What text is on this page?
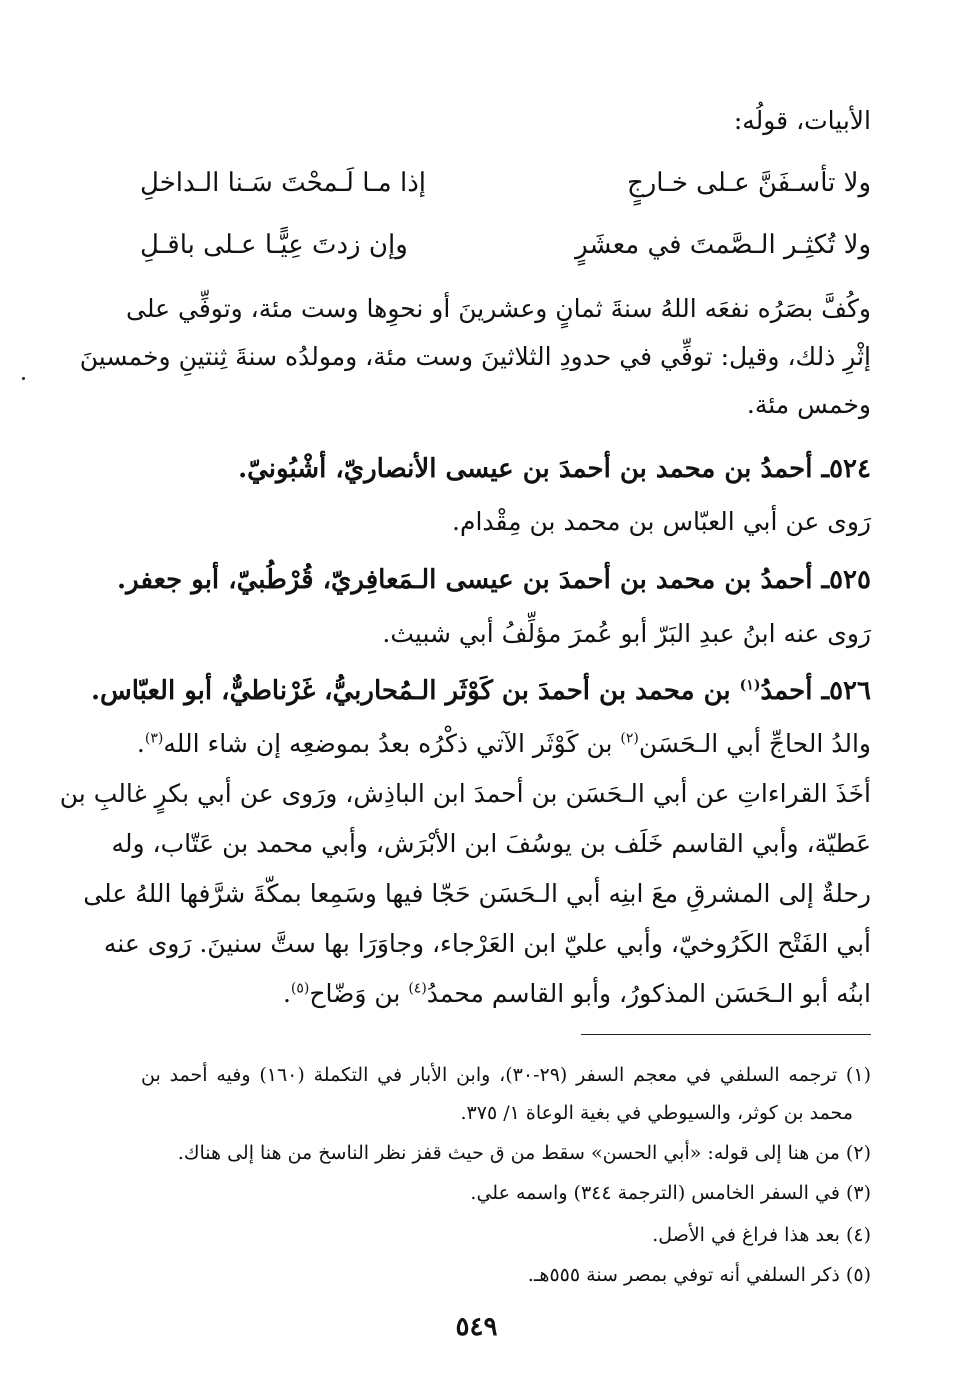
الأبيات، قولُه:
ولا تأسـفَنَّ عـلى خـارجٍ
إذا مـا لَـمحْتَ سَـنا الـداخلِ
ولا تُكثِـر الـصَّمتَ في معشَرٍ
وإن زدتَ عِيًّـا عـلى باقـلِ
وكُفَّ بصَرُه نفعَه اللهُ سنةَ ثمانٍ وعشرينَ أو نحوِها وست مئة، وتوفِّي على
إثْرِ ذلك، وقيل: توفِّي في حدودِ الثلاثينَ وست مئة، ومولدُه سنةَ ثِنتينِ وخمسينَ
وخمس مئة.
٥٢٤ـ أحمدُ بن محمد بن أحمدَ بن عيسى الأنصاريّ، أشْبُونيّ.
رَوى عن أبي العبّاس بن محمد بن مِقْدام.
٥٢٥ـ أحمدُ بن محمد بن أحمدَ بن عيسى الـمَعافِريّ، قُرْطُبيّ، أبو جعفر.
رَوى عنه ابنُ عبدِ البَرّ أبو عُمرَ مؤلِّفُ أبي شبيث.
٥٢٦ـ أحمدُ$^{(١)}$ بن محمد بن أحمدَ بن كَوْثَر الـمُحاربيُّ، غَرْناطيٌّ، أبو العبّاس.
والدُ الحاجِّ أبي الـحَسَن$^{(٢)}$ بن كَوْثَر الآتي ذكْرُه بعدُ بموضعِه إن شاء الله$^{(٣)}$.
أخَذَ القراءاتِ عن أبي الـحَسَن بن أحمدَ ابن الباذِش، ورَوى عن أبي بكرٍ غالبِ بن
عَطيّة، وأبي القاسم خَلَف بن يوسُفَ ابن الأبْرَش، وأبي محمد بن عَتّاب، وله
رحلةٌ إلى المشرقِ معَ ابنِه أبي الـحَسَن حَجّا فيها وسَمِعا بمكّةَ شرَّفها اللهُ على
أبي الفَتْح الكَرُوخيّ، وأبي عليّ ابن العَرْجاء، وجاوَرَا بها ستَّ سنينَ. رَوى عنه
ابنُه أبو الـحَسَن المذكورُ، وأبو القاسم محمدُ$^{(٤)}$ بن وَضّاح$^{(٥)}$.
(١) ترجمه السلفي في معجم السفر (٢٩-٣٠)، وابن الأبار في التكملة (١٦٠) وفيه أحمد بن
محمد بن كوثر، والسيوطي في بغية الوعاة ١/ ٣٧٥.
(٢) من هنا إلى قوله: «أبي الحسن» سقط من ق حيث قفز نظر الناسخ من هنا إلى هناك.
(٣) في السفر الخامس (الترجمة ٣٤٤) واسمه علي.
(٤) بعد هذا فراغ في الأصل.
(٥) ذكر السلفي أنه توفي بمصر سنة ٥٥٥هـ.
٥٤٩
